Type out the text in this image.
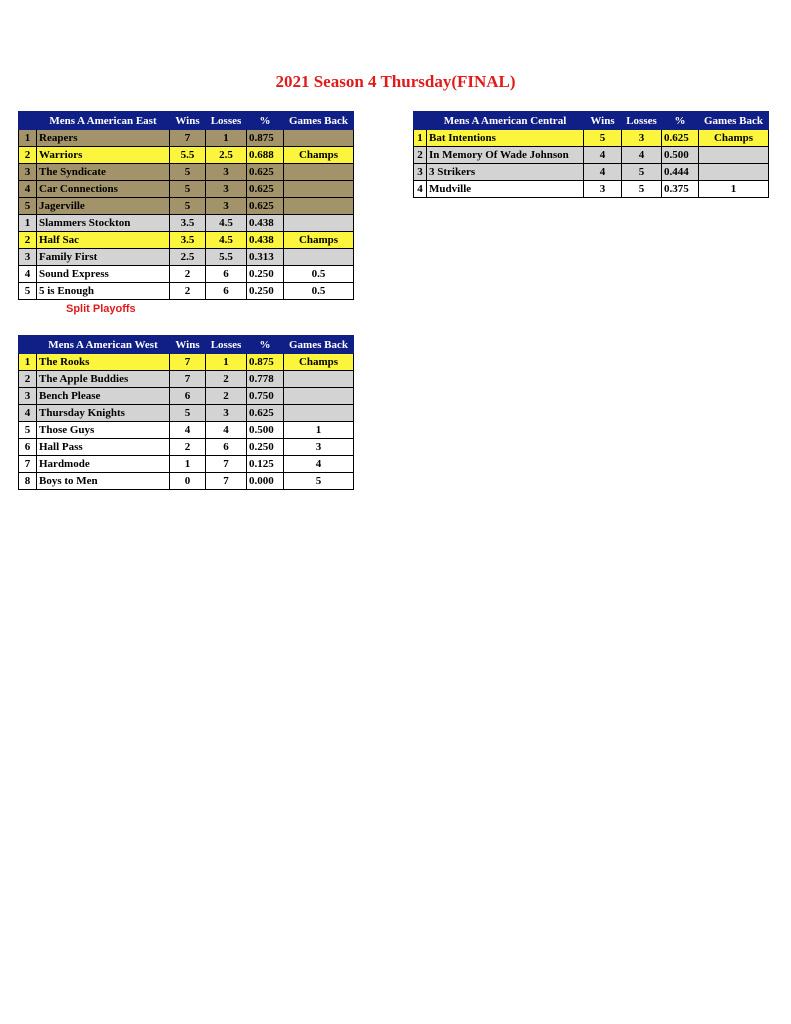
2021 Season 4 Thursday(FINAL)
	Mens A American East	Wins	Losses	%	Games Back
1	Reapers	7	1	0.875	
2	Warriors	5.5	2.5	0.688	Champs
3	The Syndicate	5	3	0.625	
4	Car Connections	5	3	0.625	
5	Jagerville	5	3	0.625	
1	Slammers Stockton	3.5	4.5	0.438	
2	Half Sac	3.5	4.5	0.438	Champs
3	Family First	2.5	5.5	0.313	
4	Sound Express	2	6	0.250	0.5
5	5 is Enough	2	6	0.250	0.5
Split Playoffs
	Mens A American Central	Wins	Losses	%	Games Back
1	Bat Intentions	5	3	0.625	Champs
2	In Memory Of Wade Johnson	4	4	0.500	
3	3 Strikers	4	5	0.444	
4	Mudville	3	5	0.375	1
	Mens A American West	Wins	Losses	%	Games Back
1	The Rooks	7	1	0.875	Champs
2	The Apple Buddies	7	2	0.778	
3	Bench Please	6	2	0.750	
4	Thursday Knights	5	3	0.625	
5	Those Guys	4	4	0.500	1
6	Hall Pass	2	6	0.250	3
7	Hardmode	1	7	0.125	4
8	Boys to Men	0	7	0.000	5
